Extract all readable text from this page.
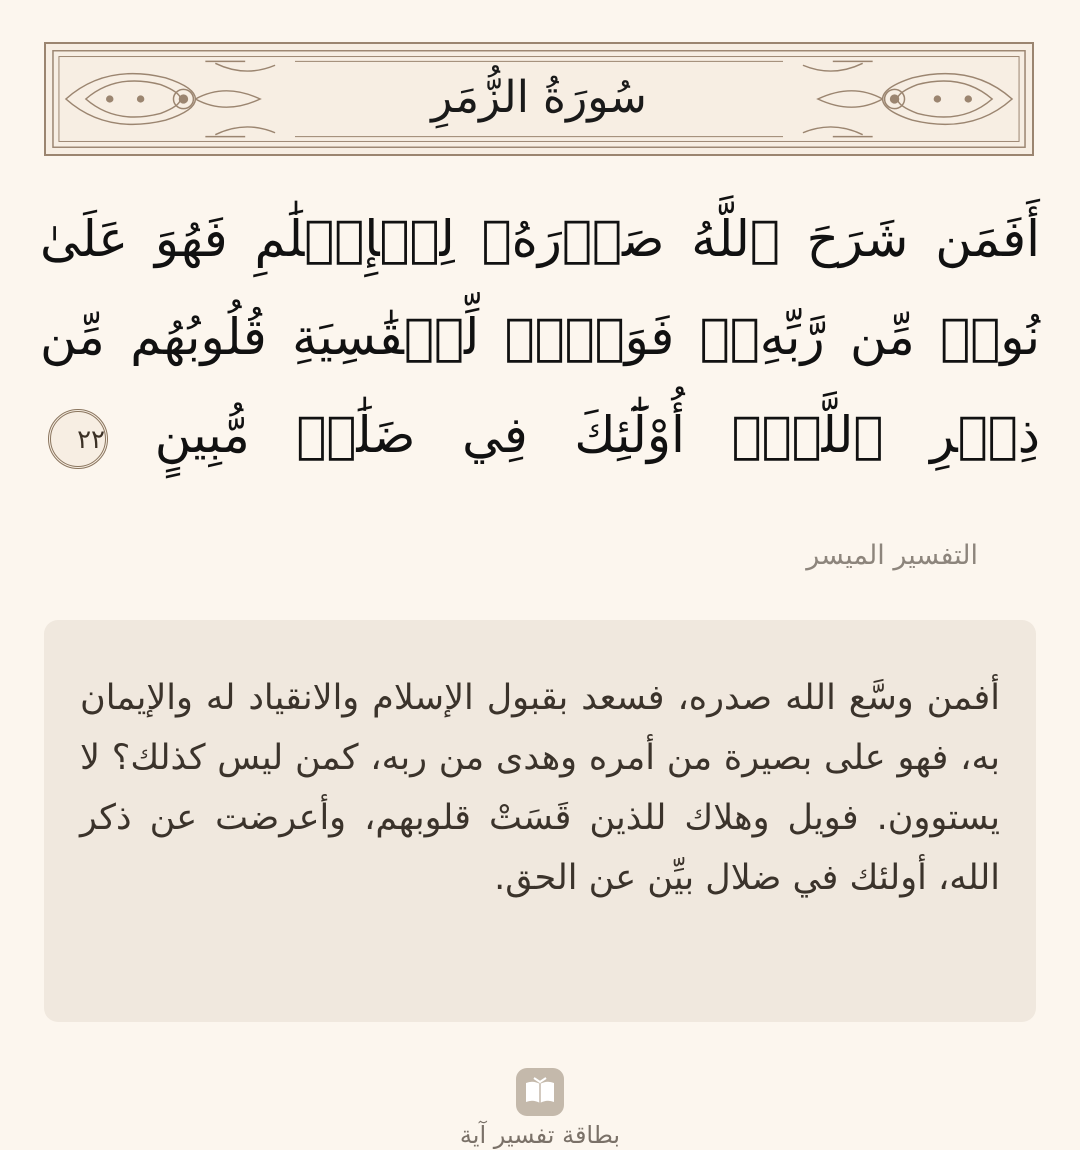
سُورَةُ الزُّمَرِ
أَفَمَن شَرَحَ ٱللَّهُ صَدۡرَهُۥ لِلۡإِسۡلَٰمِ فَهُوَ عَلَىٰ نُورٖ مِّن رَّبِّهِۦۚ فَوَيۡلٞ لِّلۡقَٰسِيَةِ قُلُوبُهُم مِّن ذِكۡرِ ٱللَّهِۚ أُوْلَٰٓئِكَ فِي ضَلَٰلٖ مُّبِينٍ ٢٢
التفسير الميسر
أفمن وسَّع الله صدره، فسعد بقبول الإسلام والانقياد له والإيمان به، فهو على بصيرة من أمره وهدى من ربه، كمن ليس كذلك؟ لا يستوون. فويل وهلاك للذين قَسَتْ قلوبهم، وأعرضت عن ذكر الله، أولئك في ضلال بيِّن عن الحق.
بطاقة تفسير آية
